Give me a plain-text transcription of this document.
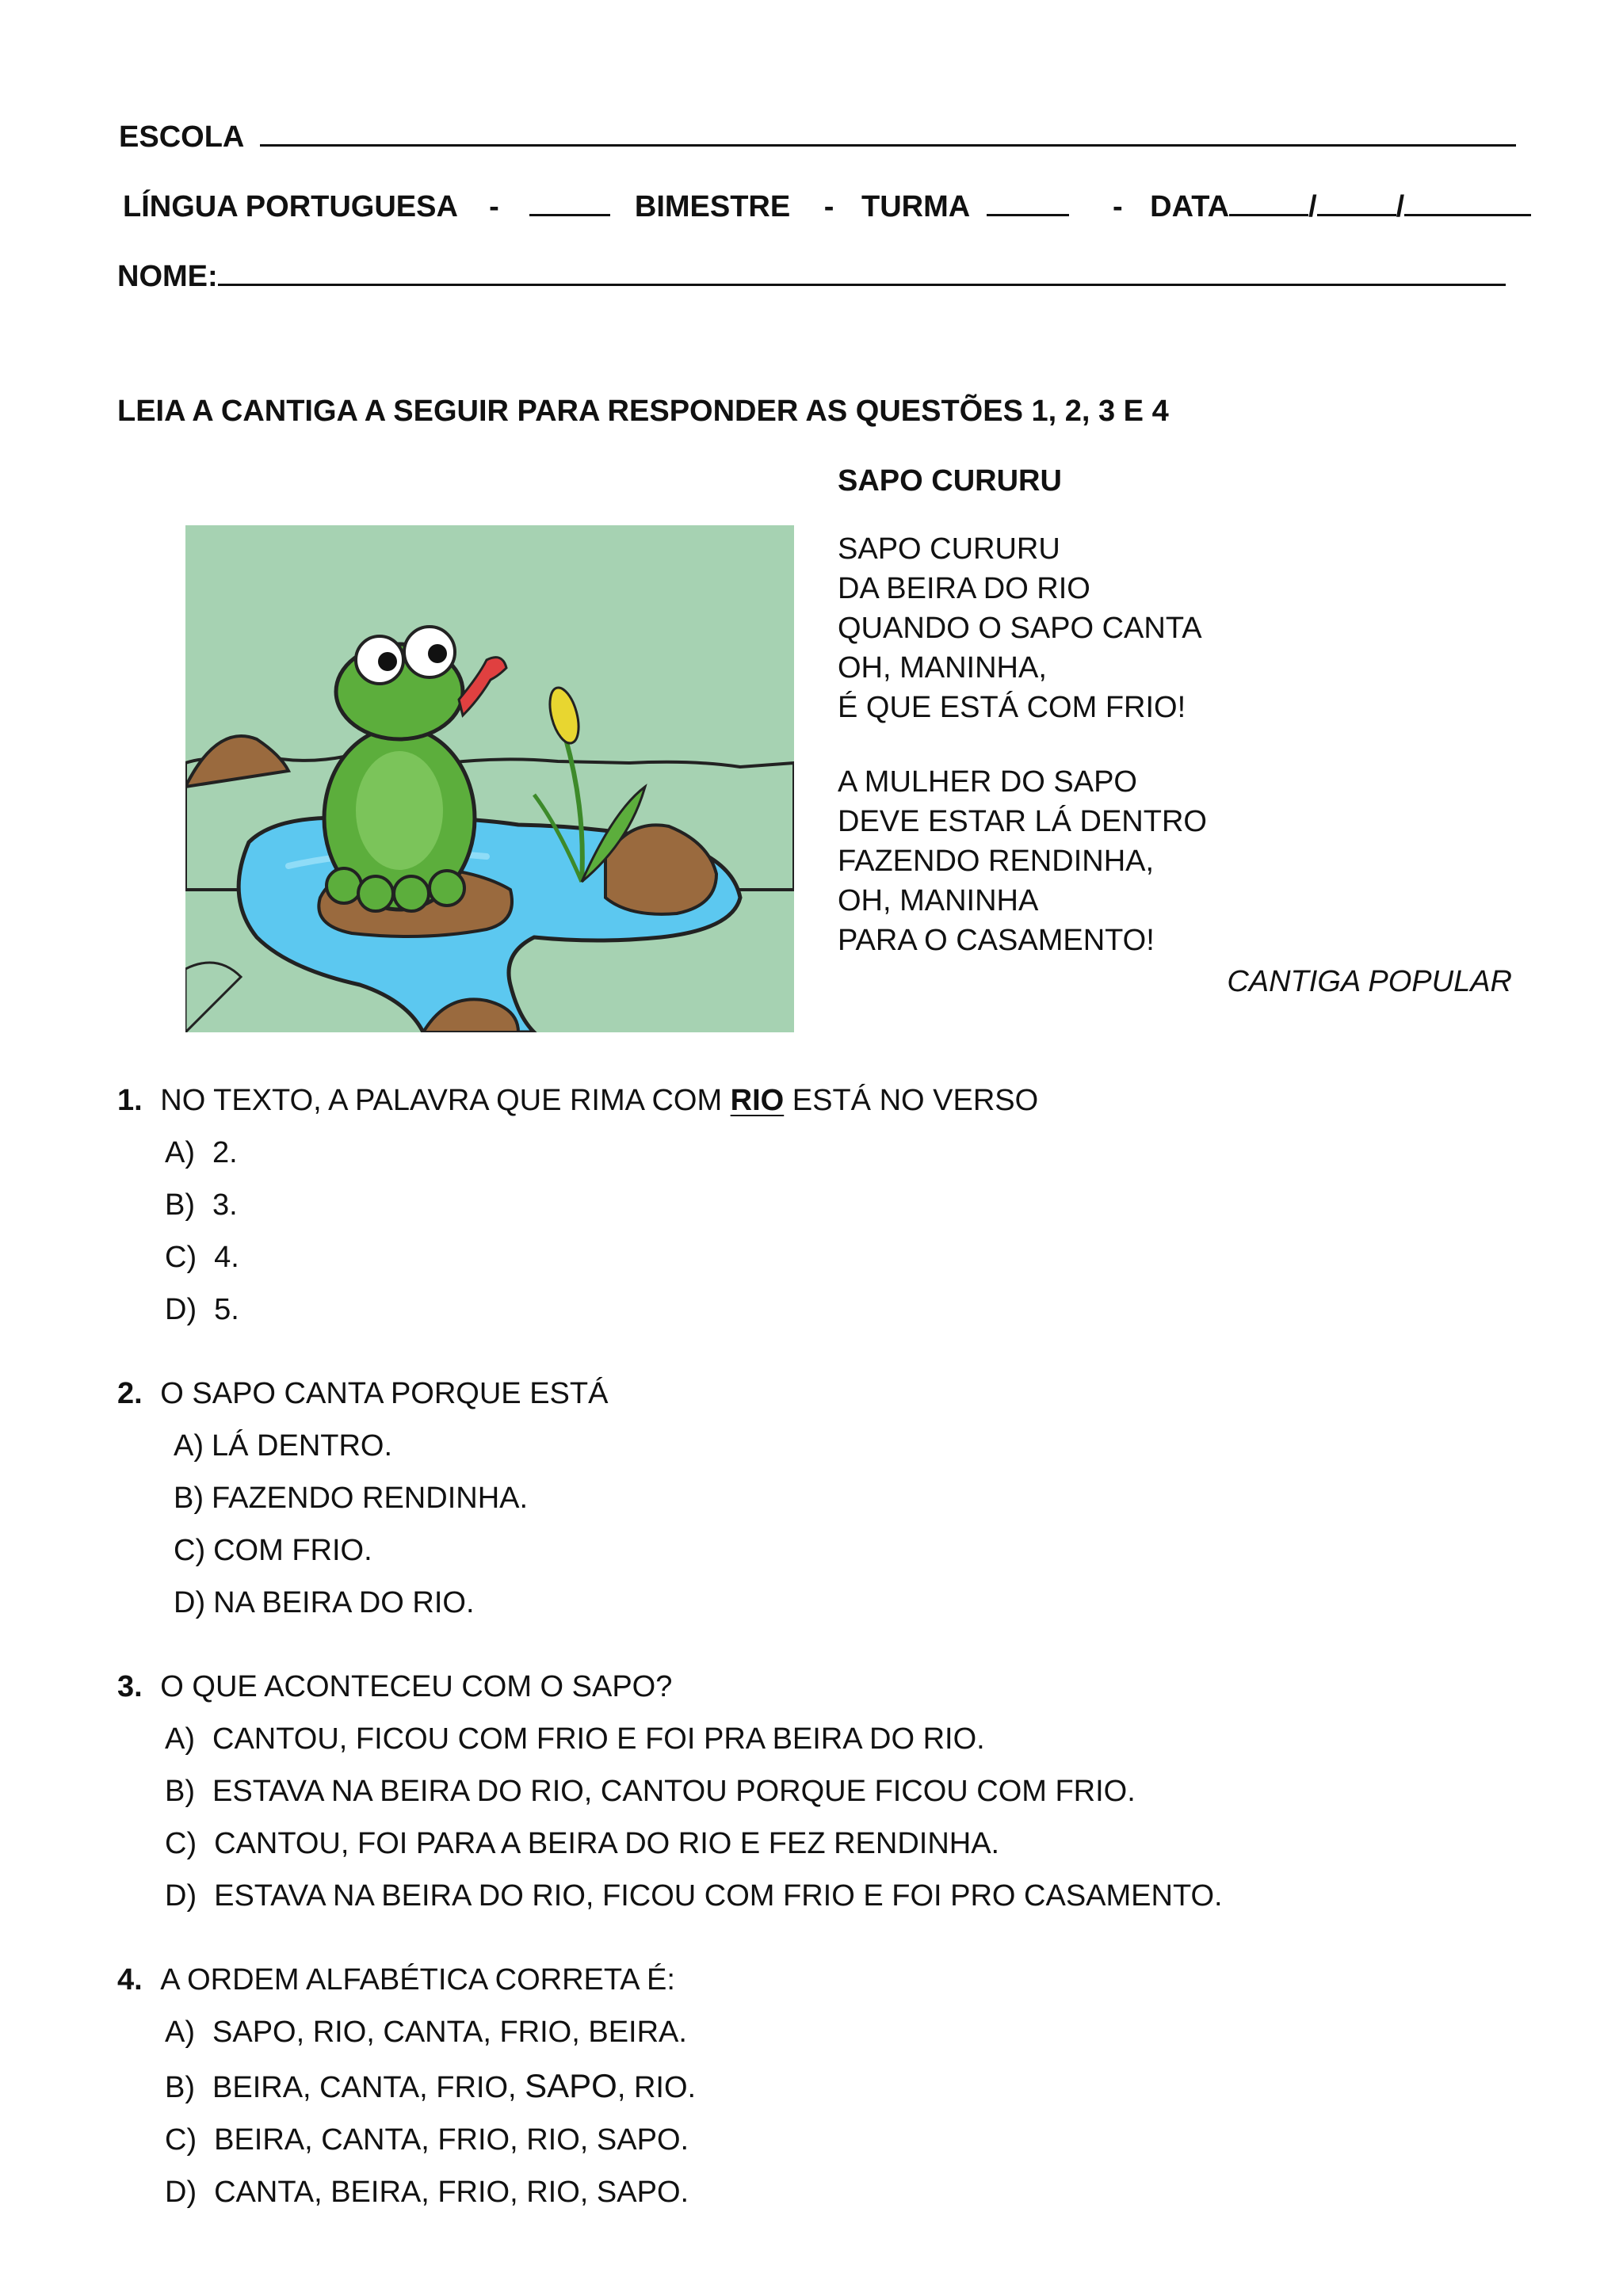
ESCOLA
LÍNGUA PORTUGUESA -	BIMESTRE - TURMA	- DATA	/	/
NOME:
LEIA A CANTIGA A SEGUIR PARA RESPONDER AS QUESTÕES 1, 2, 3 E 4
SAPO CURURU
SAPO CURURU
DA BEIRA DO RIO
QUANDO O SAPO CANTA
OH, MANINHA,
É QUE ESTÁ COM FRIO!
A MULHER DO SAPO
DEVE ESTAR LÁ DENTRO
FAZENDO RENDINHA,
OH, MANINHA
PARA O CASAMENTO!
CANTIGA POPULAR
1. NO TEXTO, A PALAVRA QUE RIMA COM RIO ESTÁ NO VERSO
A) 2.
B) 3.
C) 4.
D) 5.
2. O SAPO CANTA PORQUE ESTÁ
A) LÁ DENTRO.
B) FAZENDO RENDINHA.
C) COM FRIO.
D) NA BEIRA DO RIO.
3. O QUE ACONTECEU COM O SAPO?
A) CANTOU, FICOU COM FRIO E FOI PRA BEIRA DO RIO.
B) ESTAVA NA BEIRA DO RIO, CANTOU PORQUE FICOU COM FRIO.
C) CANTOU, FOI PARA A BEIRA DO RIO E FEZ RENDINHA.
D) ESTAVA NA BEIRA DO RIO, FICOU COM FRIO E FOI PRO CASAMENTO.
4. A ORDEM ALFABÉTICA CORRETA É:
A) SAPO, RIO, CANTA, FRIO, BEIRA.
B) BEIRA, CANTA, FRIO, SAPO, RIO.
C) BEIRA, CANTA, FRIO, RIO, SAPO.
D) CANTA, BEIRA, FRIO, RIO, SAPO.
